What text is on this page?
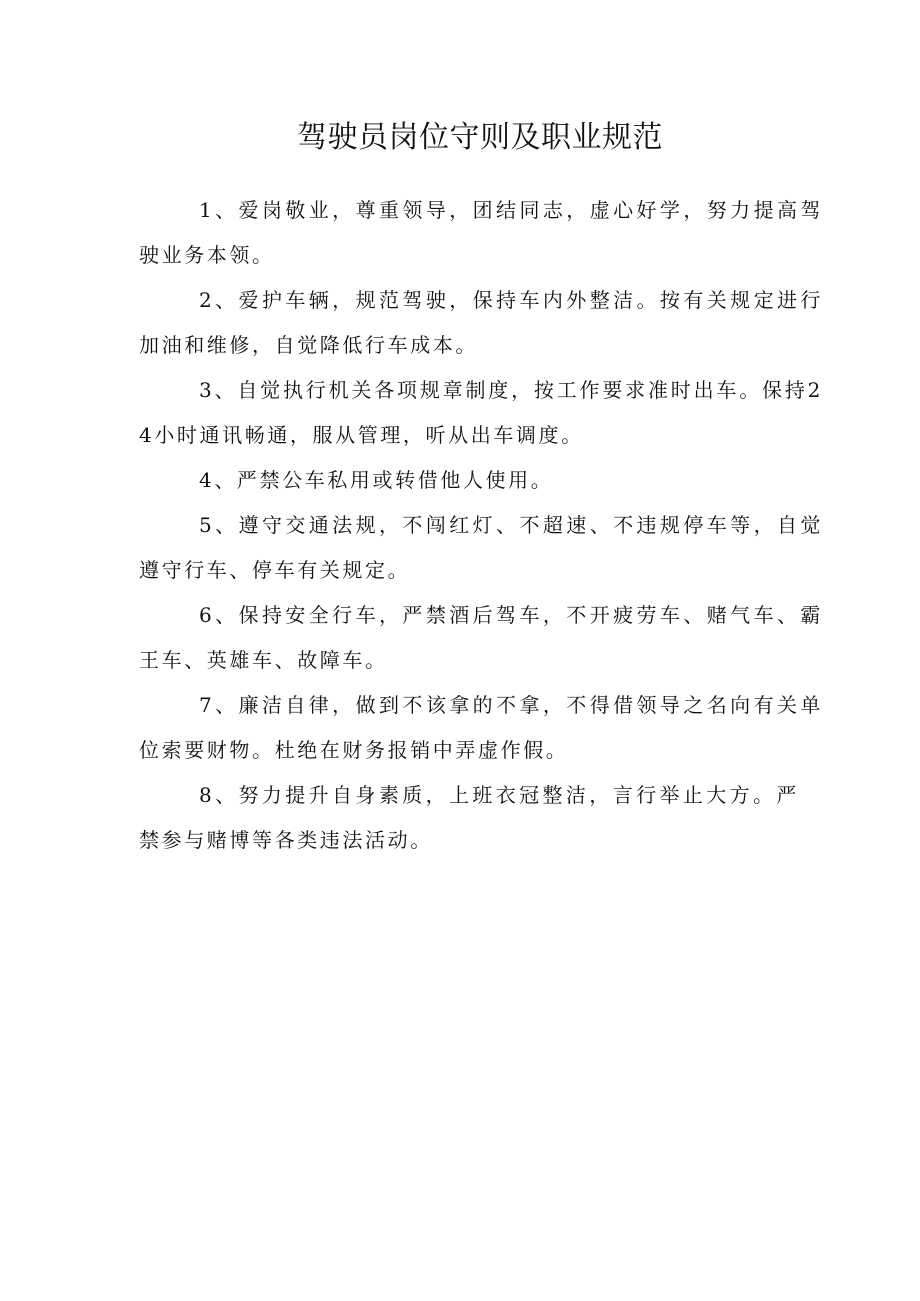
驾驶员岗位守则及职业规范

1、爱岗敬业，尊重领导，团结同志，虚心好学，努力提高驾驶业务本领。

2、爱护车辆，规范驾驶，保持车内外整洁。按有关规定进行加油和维修，自觉降低行车成本。

3、自觉执行机关各项规章制度，按工作要求准时出车。保持24小时通讯畅通，服从管理，听从出车调度。

4、严禁公车私用或转借他人使用。

5、遵守交通法规，不闯红灯、不超速、不违规停车等，自觉遵守行车、停车有关规定。

6、保持安全行车，严禁酒后驾车，不开疲劳车、赌气车、霸王车、英雄车、故障车。

7、廉洁自律，做到不该拿的不拿，不得借领导之名向有关单位索要财物。杜绝在财务报销中弄虚作假。

8、努力提升自身素质，上班衣冠整洁，言行举止大方。严禁参与赌博等各类违法活动。
